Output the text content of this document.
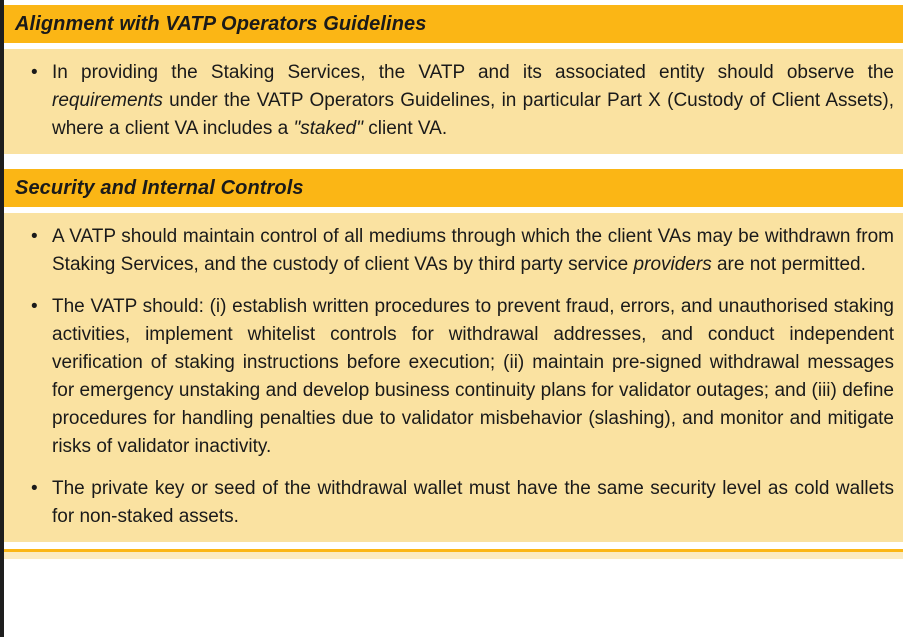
Alignment with VATP Operators Guidelines
• In providing the Staking Services, the VATP and its associated entity should observe the requirements under the VATP Operators Guidelines, in particular Part X (Custody of Client Assets), where a client VA includes a "staked" client VA.

Security and Internal Controls
• A VATP should maintain control of all mediums through which the client VAs may be withdrawn from Staking Services, and the custody of client VAs by third party service providers are not permitted.

• The VATP should: (i) establish written procedures to prevent fraud, errors, and unauthorised staking activities, implement whitelist controls for withdrawal addresses, and conduct independent verification of staking instructions before execution; (ii) maintain pre-signed withdrawal messages for emergency unstaking and develop business continuity plans for validator outages; and (iii) define procedures for handling penalties due to validator misbehavior (slashing), and monitor and mitigate risks of validator inactivity.

• The private key or seed of the withdrawal wallet must have the same security level as cold wallets for non-staked assets.
